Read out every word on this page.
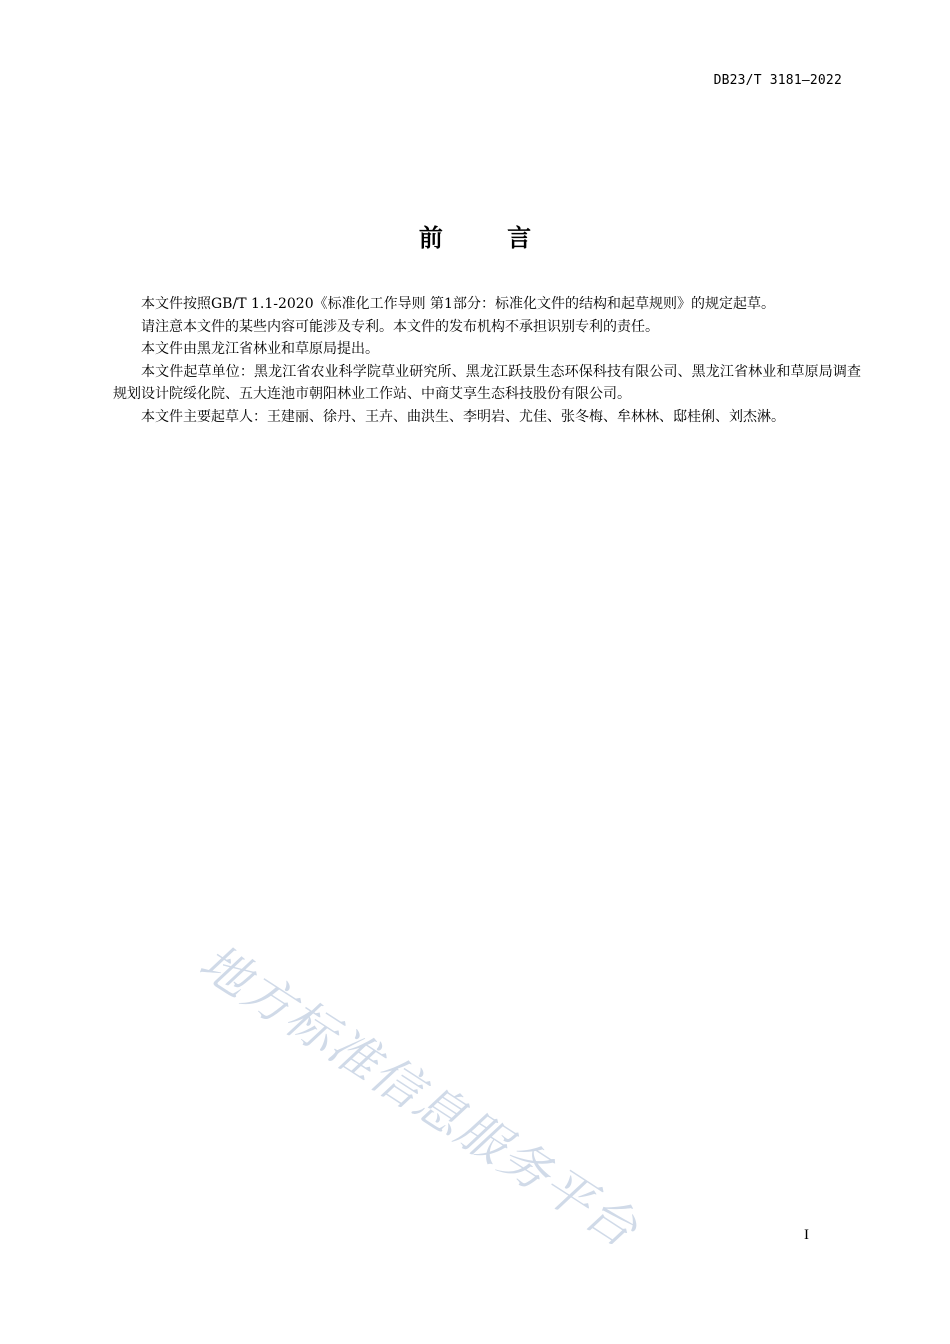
DB23/T 3181—2022
前 言

本文件按照GB/T 1.1-2020《标准化工作导则 第1部分：标准化文件的结构和起草规则》的规定起草。

请注意本文件的某些内容可能涉及专利。本文件的发布机构不承担识别专利的责任。

本文件由黑龙江省林业和草原局提出。

本文件起草单位：黑龙江省农业科学院草业研究所、黑龙江跃景生态环保科技有限公司、黑龙江省林业和草原局调查规划设计院绥化院、五大连池市朝阳林业工作站、中商艾享生态科技股份有限公司。

本文件主要起草人：王建丽、徐丹、王卉、曲洪生、李明岩、尤佳、张冬梅、牟林林、邸桂俐、刘杰淋。

地方标准信息服务平台	I
